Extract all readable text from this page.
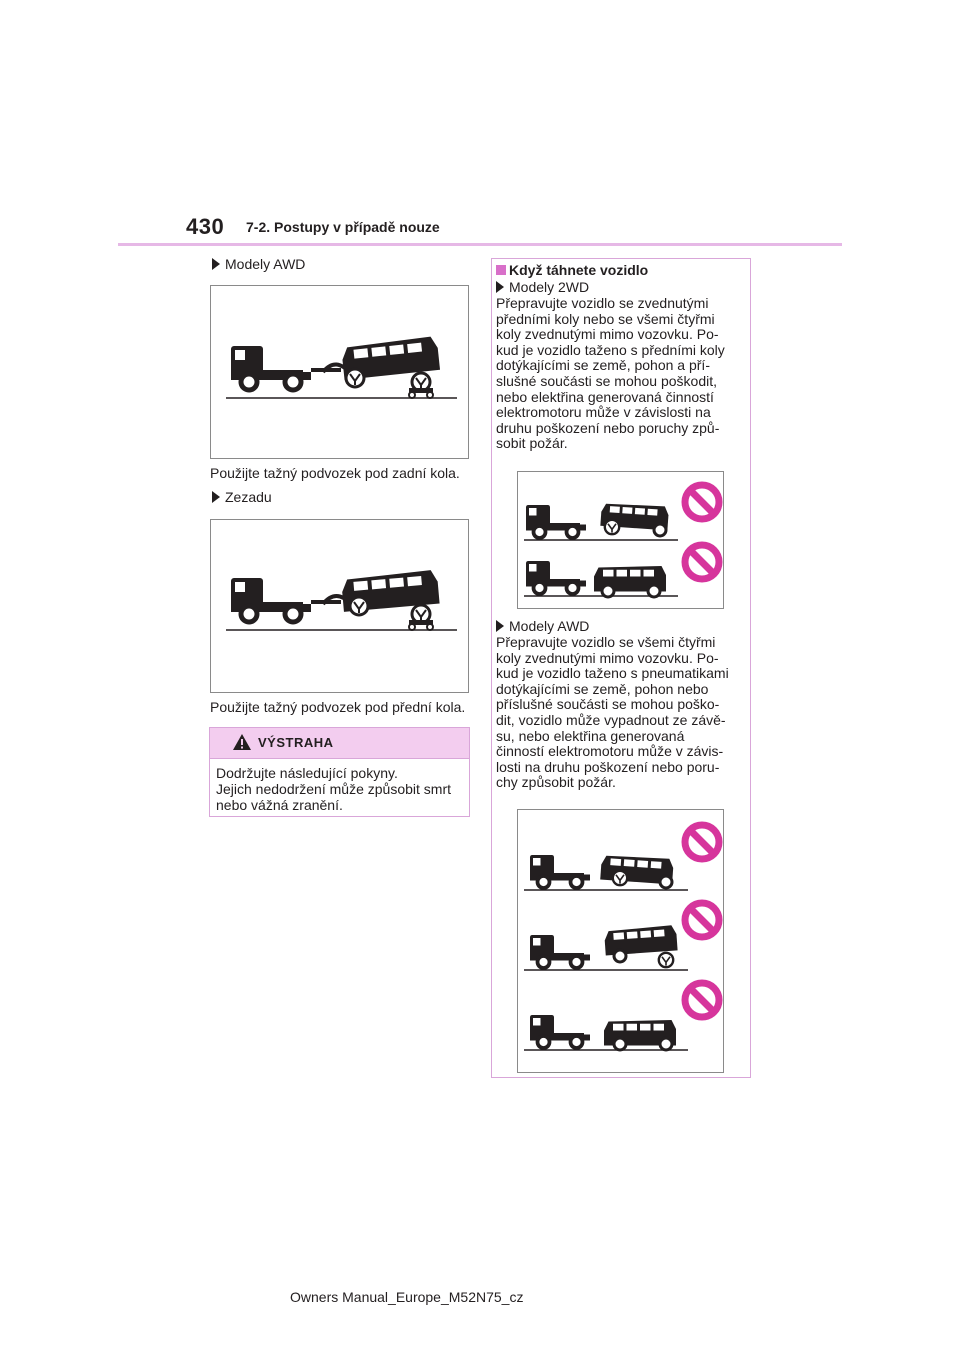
430 7-2. Postupy v případě nouze
Modely AWD
Použijte tažný podvozek pod zadní kola.
Zezadu
Použijte tažný podvozek pod přední kola.
VÝSTRAHA
Dodržujte následující pokyny.
Jejich nedodržení může způsobit smrt
nebo vážná zranění.
Když táhnete vozidlo
Modely 2WD
Přepravujte vozidlo se zvednutými
předními koly nebo se všemi čtyřmi
koly zvednutými mimo vozovku. Po-
kud je vozidlo taženo s předními koly
dotýkajícími se země, pohon a pří-
slušné součásti se mohou poškodit,
nebo elektřina generovaná činností
elektromotoru může v závislosti na
druhu poškození nebo poruchy způ-
sobit požár.
Modely AWD
Přepravujte vozidlo se všemi čtyřmi
koly zvednutými mimo vozovku. Po-
kud je vozidlo taženo s pneumatikami
dotýkajícími se země, pohon nebo
příslušné součásti se mohou poško-
dit, vozidlo může vypadnout ze závě-
su, nebo elektřina generovaná
činností elektromotoru může v závis-
losti na druhu poškození nebo poru-
chy způsobit požár.
Owners Manual_Europe_M52N75_cz
